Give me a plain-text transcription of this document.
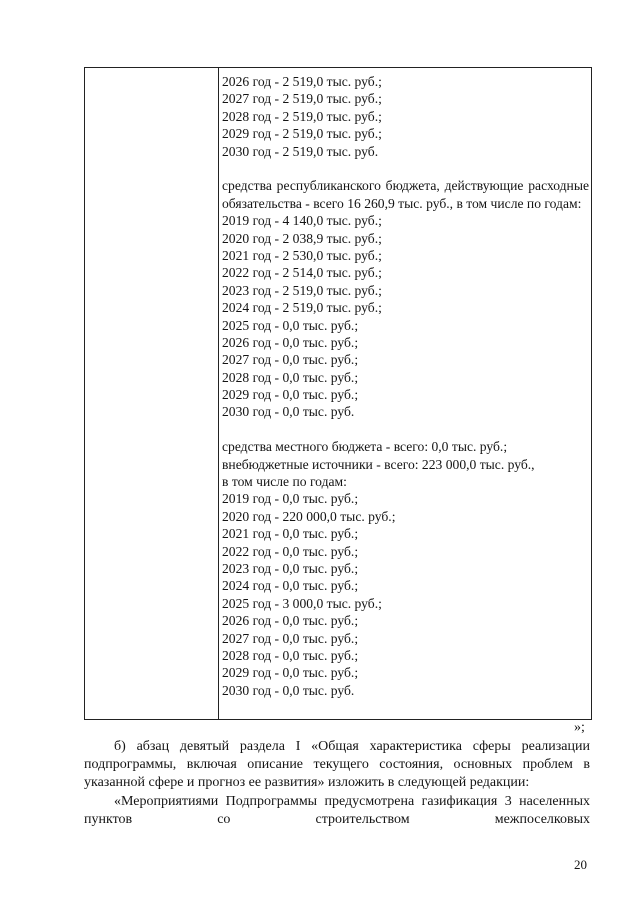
2026 год - 2 519,0 тыс. руб.;
2027 год - 2 519,0 тыс. руб.;
2028 год - 2 519,0 тыс. руб.;
2029 год - 2 519,0 тыс. руб.;
2030 год - 2 519,0 тыс. руб.
средства республиканского бюджета, действующие расходные обязательства - всего 16 260,9 тыс. руб., в том числе по годам:
2019 год - 4 140,0 тыс. руб.;
2020 год - 2 038,9 тыс. руб.;
2021 год - 2 530,0 тыс. руб.;
2022 год - 2 514,0 тыс. руб.;
2023 год - 2 519,0 тыс. руб.;
2024 год - 2 519,0 тыс. руб.;
2025 год - 0,0 тыс. руб.;
2026 год - 0,0 тыс. руб.;
2027 год - 0,0 тыс. руб.;
2028 год - 0,0 тыс. руб.;
2029 год - 0,0 тыс. руб.;
2030 год - 0,0 тыс. руб.
средства местного бюджета - всего: 0,0 тыс. руб.;
внебюджетные источники - всего: 223 000,0 тыс. руб.,
в том числе по годам:
2019 год - 0,0 тыс. руб.;
2020 год - 220 000,0 тыс. руб.;
2021 год - 0,0 тыс. руб.;
2022 год - 0,0 тыс. руб.;
2023 год - 0,0 тыс. руб.;
2024 год - 0,0 тыс. руб.;
2025 год - 3 000,0 тыс. руб.;
2026 год - 0,0 тыс. руб.;
2027 год - 0,0 тыс. руб.;
2028 год - 0,0 тыс. руб.;
2029 год - 0,0 тыс. руб.;
2030 год - 0,0 тыс. руб.
»;

б) абзац девятый раздела I «Общая характеристика сферы реализации подпрограммы, включая описание текущего состояния, основных проблем в указанной сфере и прогноз ее развития» изложить в следующей редакции:

«Мероприятиями Подпрограммы предусмотрена газификация 3 населенных пунктов со строительством межпоселковых

20
